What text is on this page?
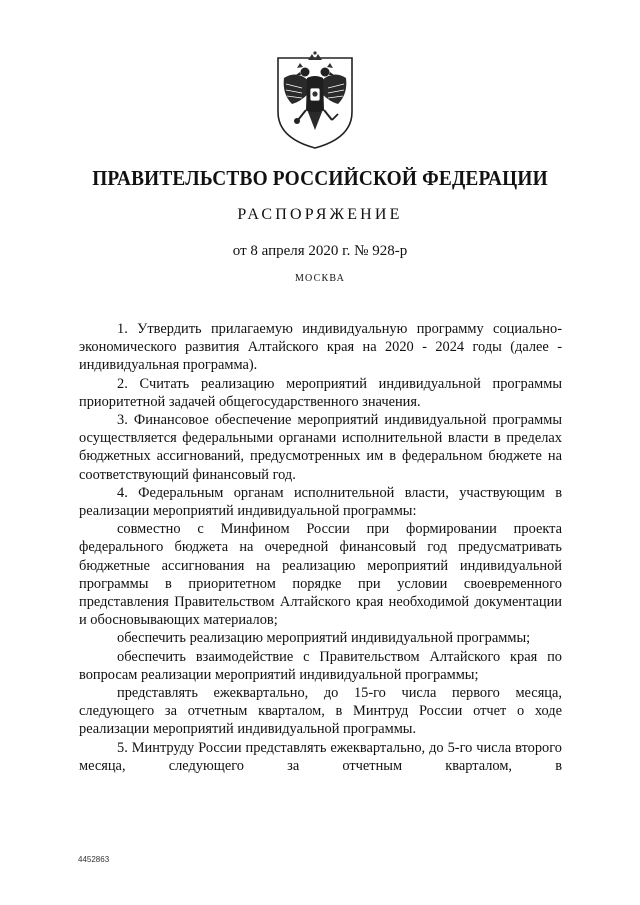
ПРАВИТЕЛЬСТВО РОССИЙСКОЙ ФЕДЕРАЦИИ
РАСПОРЯЖЕНИЕ
от 8 апреля 2020 г. № 928-р
МОСКВА

1. Утвердить прилагаемую индивидуальную программу социально-экономического развития Алтайского края на 2020 - 2024 годы (далее - индивидуальная программа).

2. Считать реализацию мероприятий индивидуальной программы приоритетной задачей общегосударственного значения.

3. Финансовое обеспечение мероприятий индивидуальной программы осуществляется федеральными органами исполнительной власти в пределах бюджетных ассигнований, предусмотренных им в федеральном бюджете на соответствующий финансовый год.

4. Федеральным органам исполнительной власти, участвующим в реализации мероприятий индивидуальной программы:

совместно с Минфином России при формировании проекта федерального бюджета на очередной финансовый год предусматривать бюджетные ассигнования на реализацию мероприятий индивидуальной программы в приоритетном порядке при условии своевременного представления Правительством Алтайского края необходимой документации и обосновывающих материалов;

обеспечить реализацию мероприятий индивидуальной программы;

обеспечить взаимодействие с Правительством Алтайского края по вопросам реализации мероприятий индивидуальной программы;

представлять ежеквартально, до 15-го числа первого месяца, следующего за отчетным кварталом, в Минтруд России отчет о ходе реализации мероприятий индивидуальной программы.

5. Минтруду России представлять ежеквартально, до 5-го числа второго месяца, следующего за отчетным кварталом, в

4452863
